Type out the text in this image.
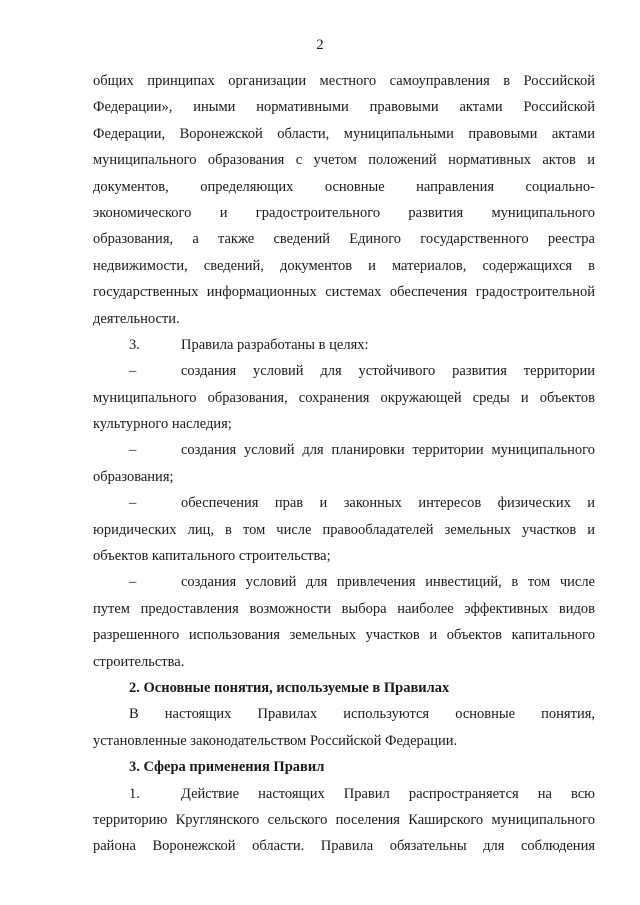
2
общих принципах организации местного самоуправления в Российской
Федерации», иными нормативными правовыми актами Российской
Федерации, Воронежской области, муниципальными правовыми актами
муниципального образования с учетом положений нормативных актов и
документов, определяющих основные направления социально-
экономического и градостроительного развития муниципального
образования, а также сведений Единого государственного реестра
недвижимости, сведений, документов и материалов, содержащихся в
государственных информационных системах обеспечения градостроительной
деятельности.
3.	Правила разработаны в целях:
–	создания условий для устойчивого развития территории
муниципального образования, сохранения окружающей среды и объектов
культурного наследия;
–	создания условий для планировки территории муниципального
образования;
–	обеспечения прав и законных интересов физических и
юридических лиц, в том числе правообладателей земельных участков и
объектов капитального строительства;
–	создания условий для привлечения инвестиций, в том числе
путем предоставления возможности выбора наиболее эффективных видов
разрешенного использования земельных участков и объектов капитального
строительства.
2. Основные понятия, используемые в Правилах
В настоящих Правилах используются основные понятия,
установленные законодательством Российской Федерации.
3. Сфера применения Правил
1.	Действие настоящих Правил распространяется на всю
территорию Круглянского сельского поселения Каширского муниципального
района Воронежской области. Правила обязательны для соблюдения
